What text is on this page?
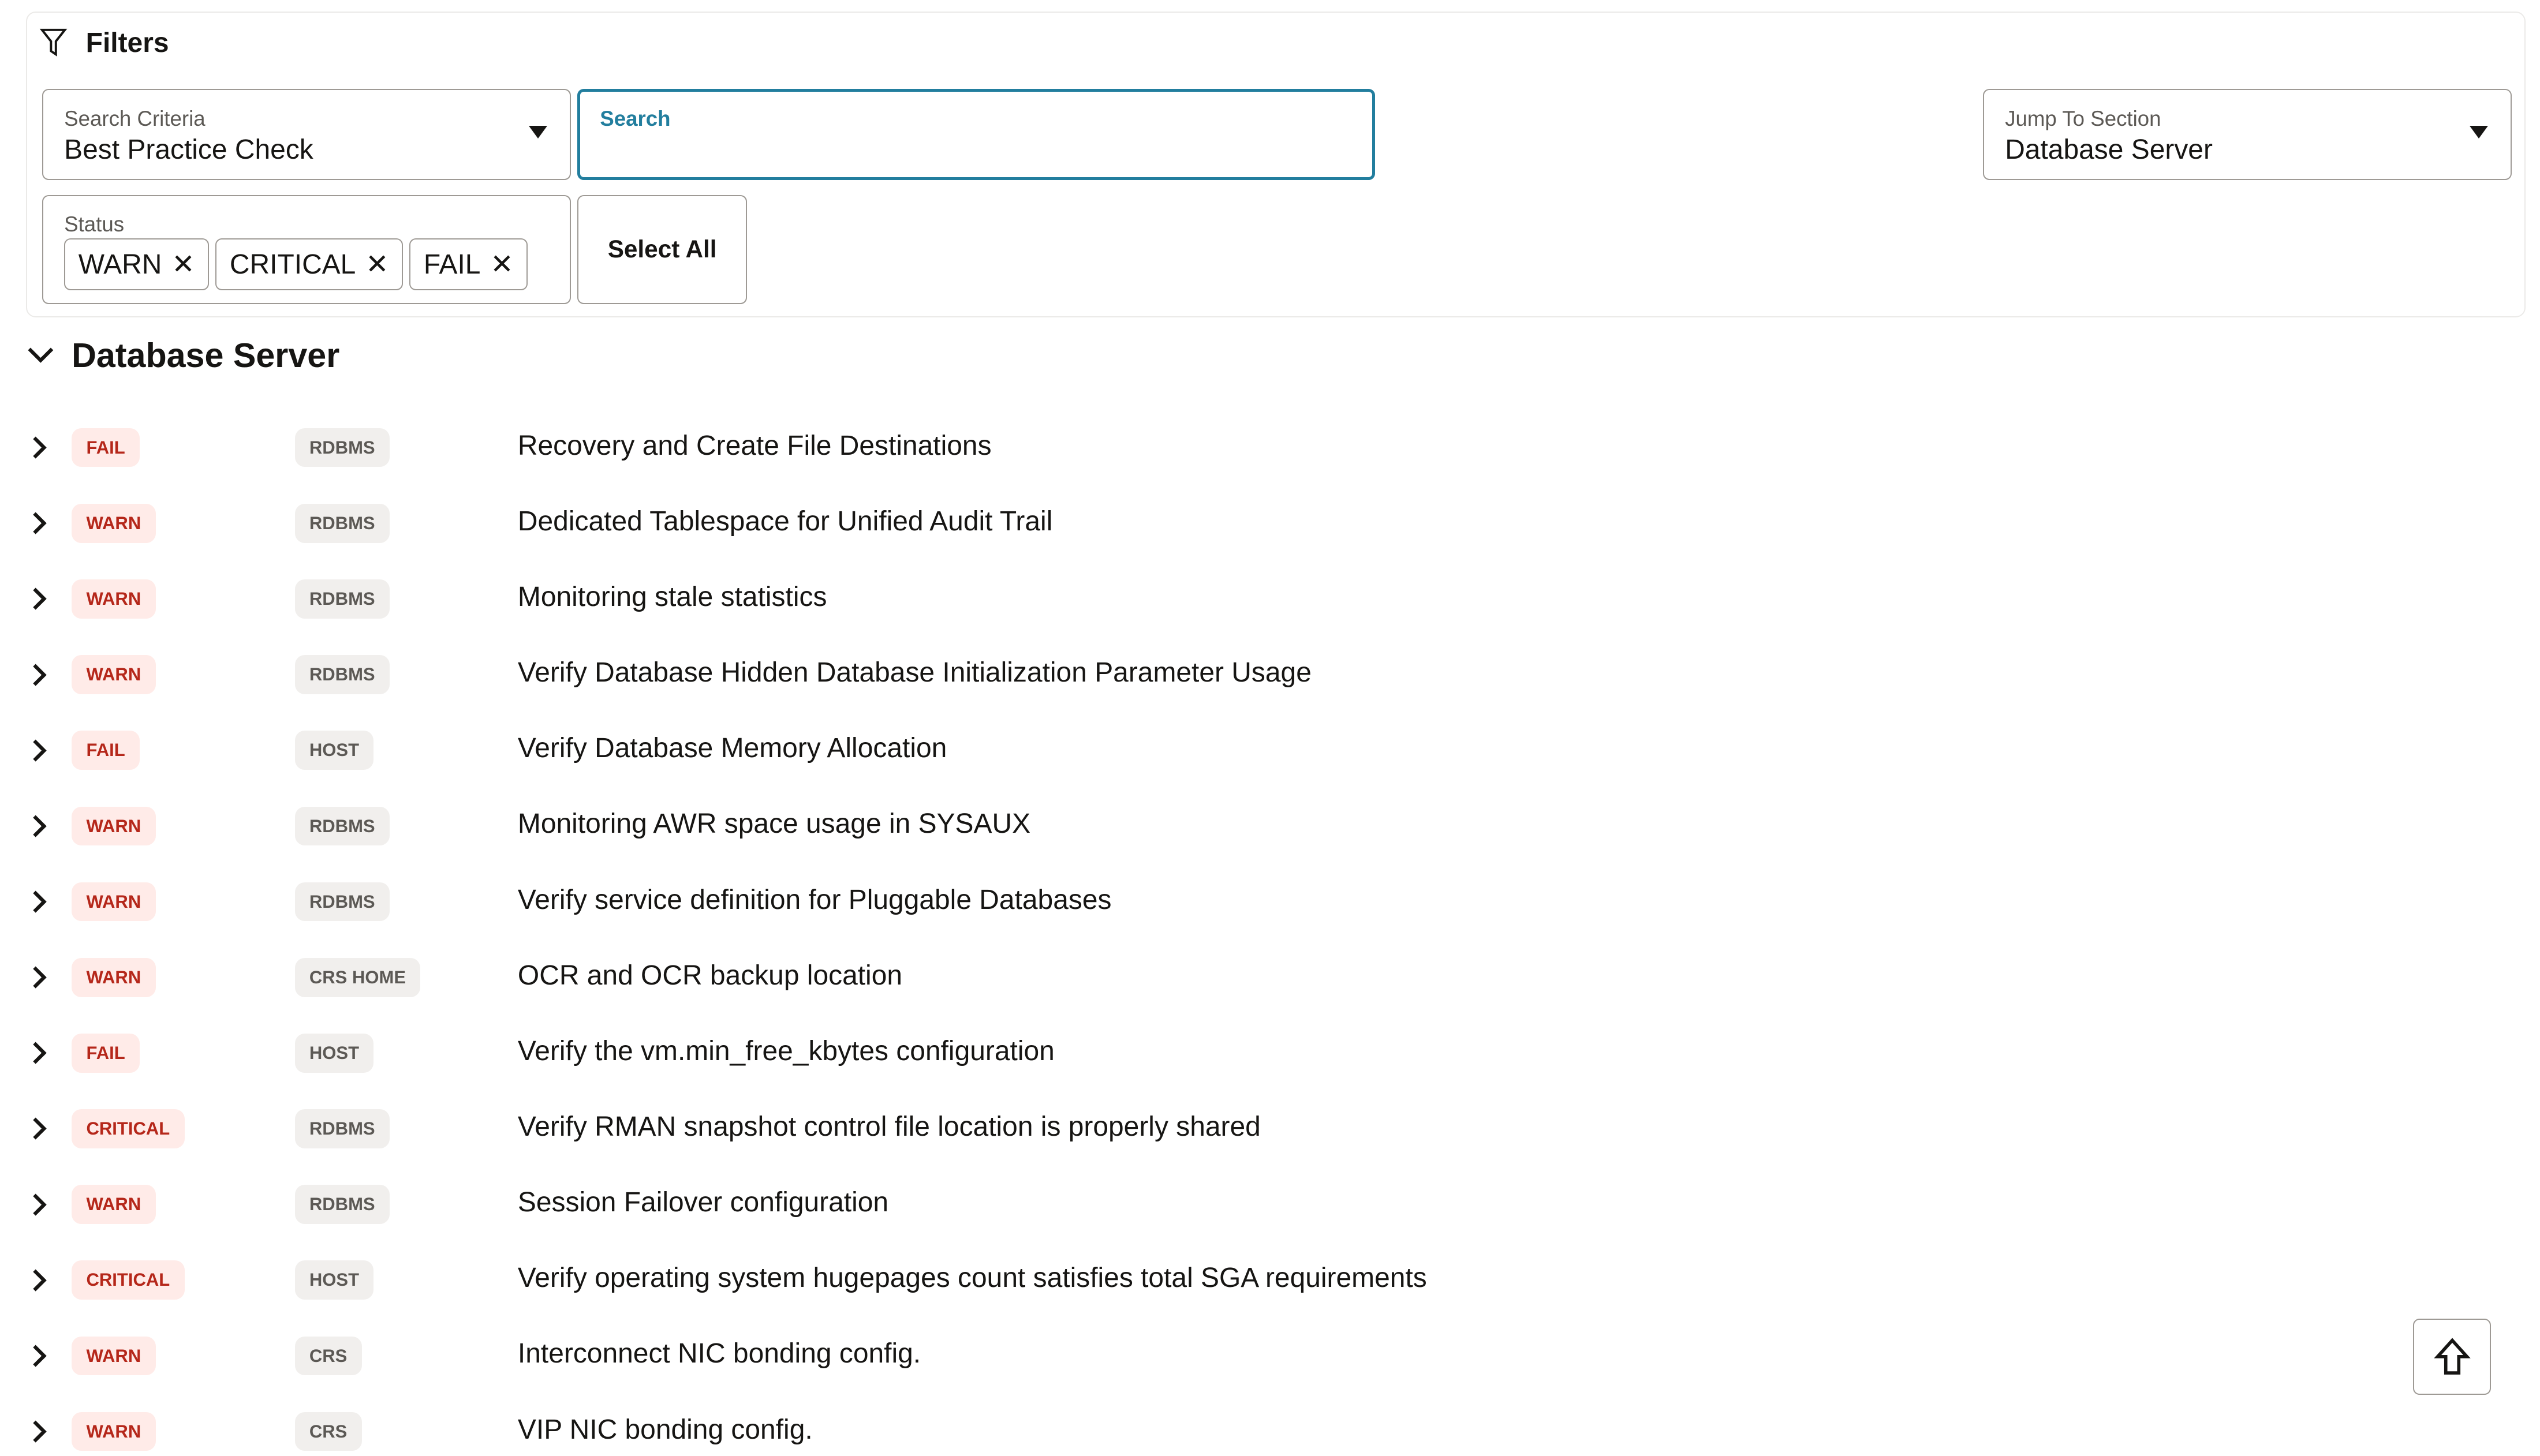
Filters
Search Criteria
Best Practice Check
Search	Jump To Section
Database Server
Status
WARN ✕	CRITICAL ✕	FAIL ✕	Select All
Database Server
FAIL	RDBMS	Recovery and Create File Destinations
WARN	RDBMS	Dedicated Tablespace for Unified Audit Trail
WARN	RDBMS	Monitoring stale statistics
WARN	RDBMS	Verify Database Hidden Database Initialization Parameter Usage
FAIL	HOST	Verify Database Memory Allocation
WARN	RDBMS	Monitoring AWR space usage in SYSAUX
WARN	RDBMS	Verify service definition for Pluggable Databases
WARN	CRS HOME	OCR and OCR backup location
FAIL	HOST	Verify the vm.min_free_kbytes configuration
CRITICAL	RDBMS	Verify RMAN snapshot control file location is properly shared
WARN	RDBMS	Session Failover configuration
CRITICAL	HOST	Verify operating system hugepages count satisfies total SGA requirements
WARN	CRS	Interconnect NIC bonding config.
WARN	CRS	VIP NIC bonding config.
